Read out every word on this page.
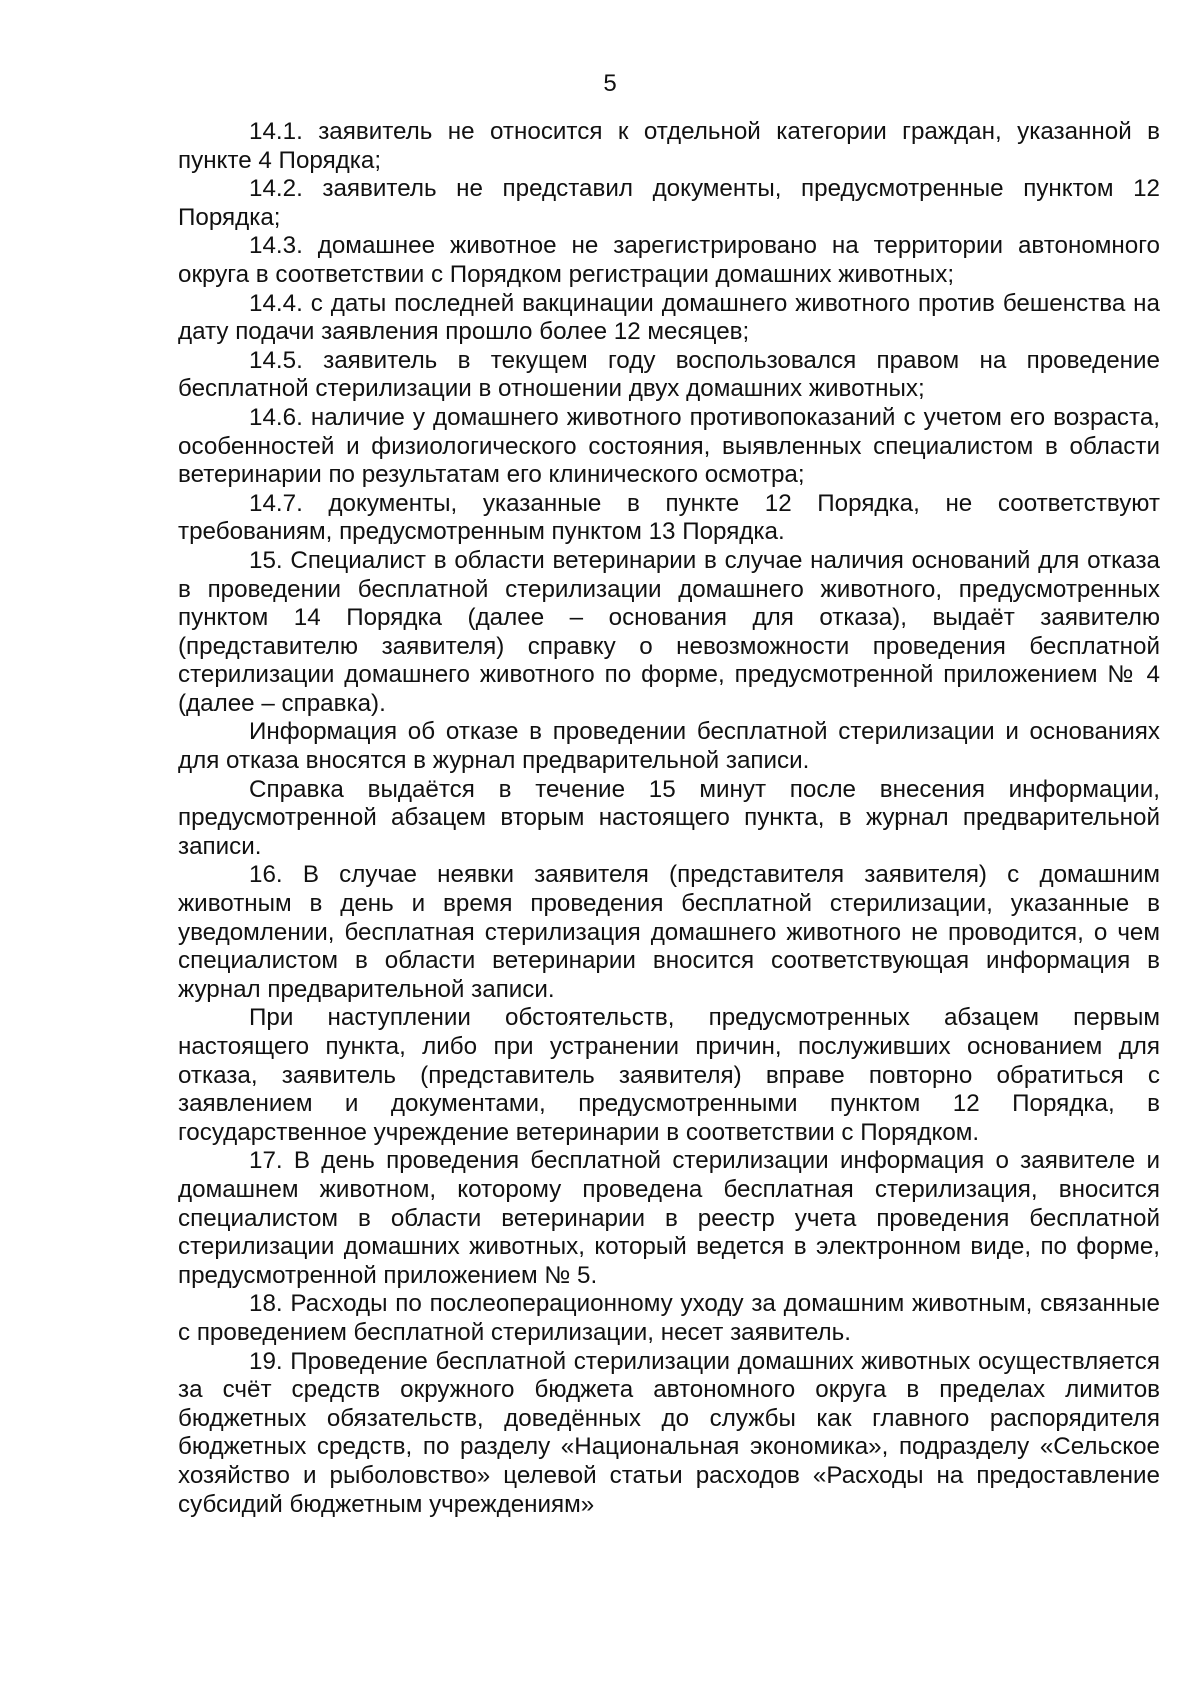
5

14.1. заявитель не относится к отдельной категории граждан, указанной в пункте 4 Порядка;

14.2. заявитель не представил документы, предусмотренные пунктом 12 Порядка;

14.3. домашнее животное не зарегистрировано на территории автономного округа в соответствии с Порядком регистрации домашних животных;

14.4. с даты последней вакцинации домашнего животного против бешенства на дату подачи заявления прошло более 12 месяцев;

14.5. заявитель в текущем году воспользовался правом на проведение бесплатной стерилизации в отношении двух домашних животных;

14.6. наличие у домашнего животного противопоказаний с учетом его возраста, особенностей и физиологического состояния, выявленных специалистом в области ветеринарии по результатам его клинического осмотра;

14.7. документы, указанные в пункте 12 Порядка, не соответствуют требованиям, предусмотренным пунктом 13 Порядка.

15. Специалист в области ветеринарии в случае наличия оснований для отказа в проведении бесплатной стерилизации домашнего животного, предусмотренных пунктом 14 Порядка (далее – основания для отказа), выдаёт заявителю (представителю заявителя) справку о невозможности проведения бесплатной стерилизации домашнего животного по форме, предусмотренной приложением № 4 (далее – справка).

Информация об отказе в проведении бесплатной стерилизации и основаниях для отказа вносятся в журнал предварительной записи.

Справка выдаётся в течение 15 минут после внесения информации, предусмотренной абзацем вторым настоящего пункта, в журнал предварительной записи.

16. В случае неявки заявителя (представителя заявителя) с домашним животным в день и время проведения бесплатной стерилизации, указанные в уведомлении, бесплатная стерилизация домашнего животного не проводится, о чем специалистом в области ветеринарии вносится соответствующая информация в журнал предварительной записи.

При наступлении обстоятельств, предусмотренных абзацем первым настоящего пункта, либо при устранении причин, послуживших основанием для отказа, заявитель (представитель заявителя) вправе повторно обратиться с заявлением и документами, предусмотренными пунктом 12 Порядка, в государственное учреждение ветеринарии в соответствии с Порядком.

17. В день проведения бесплатной стерилизации информация о заявителе и домашнем животном, которому проведена бесплатная стерилизация, вносится специалистом в области ветеринарии в реестр учета проведения бесплатной стерилизации домашних животных, который ведется в электронном виде, по форме, предусмотренной приложением № 5.

18. Расходы по послеоперационному уходу за домашним животным, связанные с проведением бесплатной стерилизации, несет заявитель.

19. Проведение бесплатной стерилизации домашних животных осуществляется за счёт средств окружного бюджета автономного округа в пределах лимитов бюджетных обязательств, доведённых до службы как главного распорядителя бюджетных средств, по разделу «Национальная экономика», подразделу «Сельское хозяйство и рыболовство» целевой статьи расходов «Расходы на предоставление субсидий бюджетным учреждениям»
